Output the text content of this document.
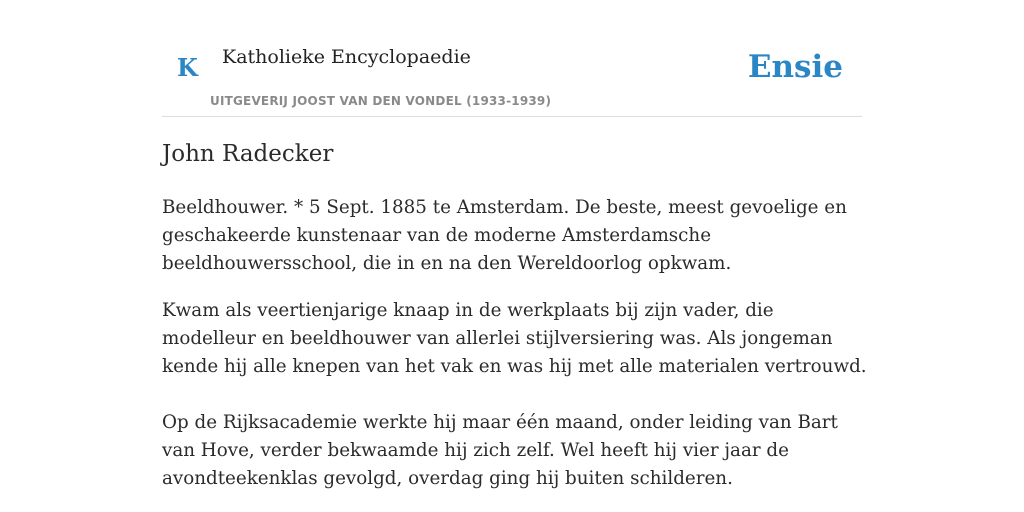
K Katholieke Encyclopaedie
UITGEVERIJ JOOST VAN DEN VONDEL (1933-1939)
Ensie
John Radecker

Beeldhouwer. * 5 Sept. 1885 te Amsterdam. De beste, meest gevoelige en geschakeerde kunstenaar van de moderne Amsterdamsche beeldhouwersschool, die in en na den Wereldoorlog opkwam.

Kwam als veertienjarige knaap in de werkplaats bij zijn vader, die modelleur en beeldhouwer van allerlei stijlversiering was. Als jongeman kende hij alle knepen van het vak en was hij met alle materialen vertrouwd.

Op de Rijksacademie werkte hij maar één maand, onder leiding van Bart van Hove, verder bekwaamde hij zich zelf. Wel heeft hij vier jaar de avondteekenklas gevolgd, overdag ging hij buiten schilderen.
